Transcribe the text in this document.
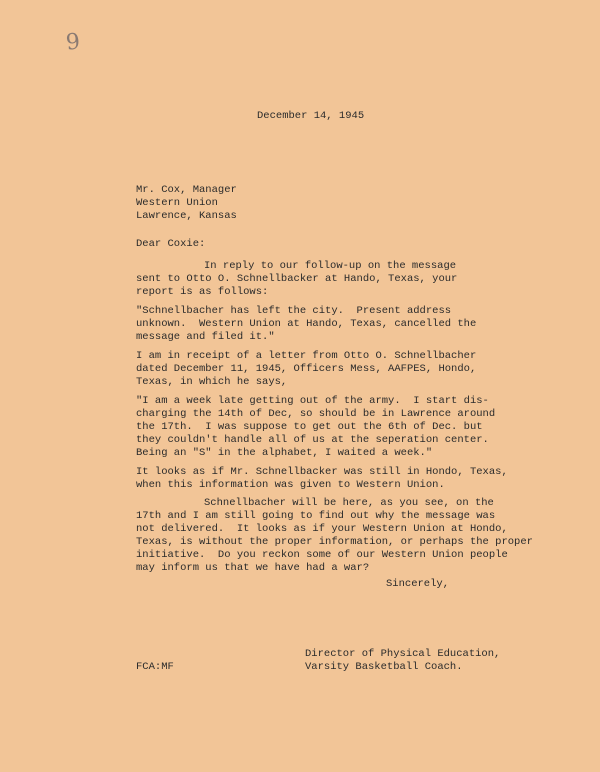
9
December 14, 1945
Mr. Cox, Manager
Western Union
Lawrence, Kansas
Dear Coxie:
In reply to our follow-up on the message
sent to Otto O. Schnellbacker at Hando, Texas, your
report is as follows:
"Schnellbacher has left the city.  Present address
unknown.  Western Union at Hando, Texas, cancelled the
message and filed it."
I am in receipt of a letter from Otto O. Schnellbacher
dated December 11, 1945, Officers Mess, AAFPES, Hondo,
Texas, in which he says,
"I am a week late getting out of the army.  I start dis-
charging the 14th of Dec, so should be in Lawrence around
the 17th.  I was suppose to get out the 6th of Dec. but
they couldn't handle all of us at the seperation center.
Being an "S" in the alphabet, I waited a week."
It looks as if Mr. Schnellbacker was still in Hondo, Texas,
when this information was given to Western Union.
Schnellbacher will be here, as you see, on the
17th and I am still going to find out why the message was
not delivered.  It looks as if your Western Union at Hondo,
Texas, is without the proper information, or perhaps the proper
initiative.  Do you reckon some of our Western Union people
may inform us that we have had a war?
Sincerely,
Director of Physical Education,
Varsity Basketball Coach.
FCA:MF
